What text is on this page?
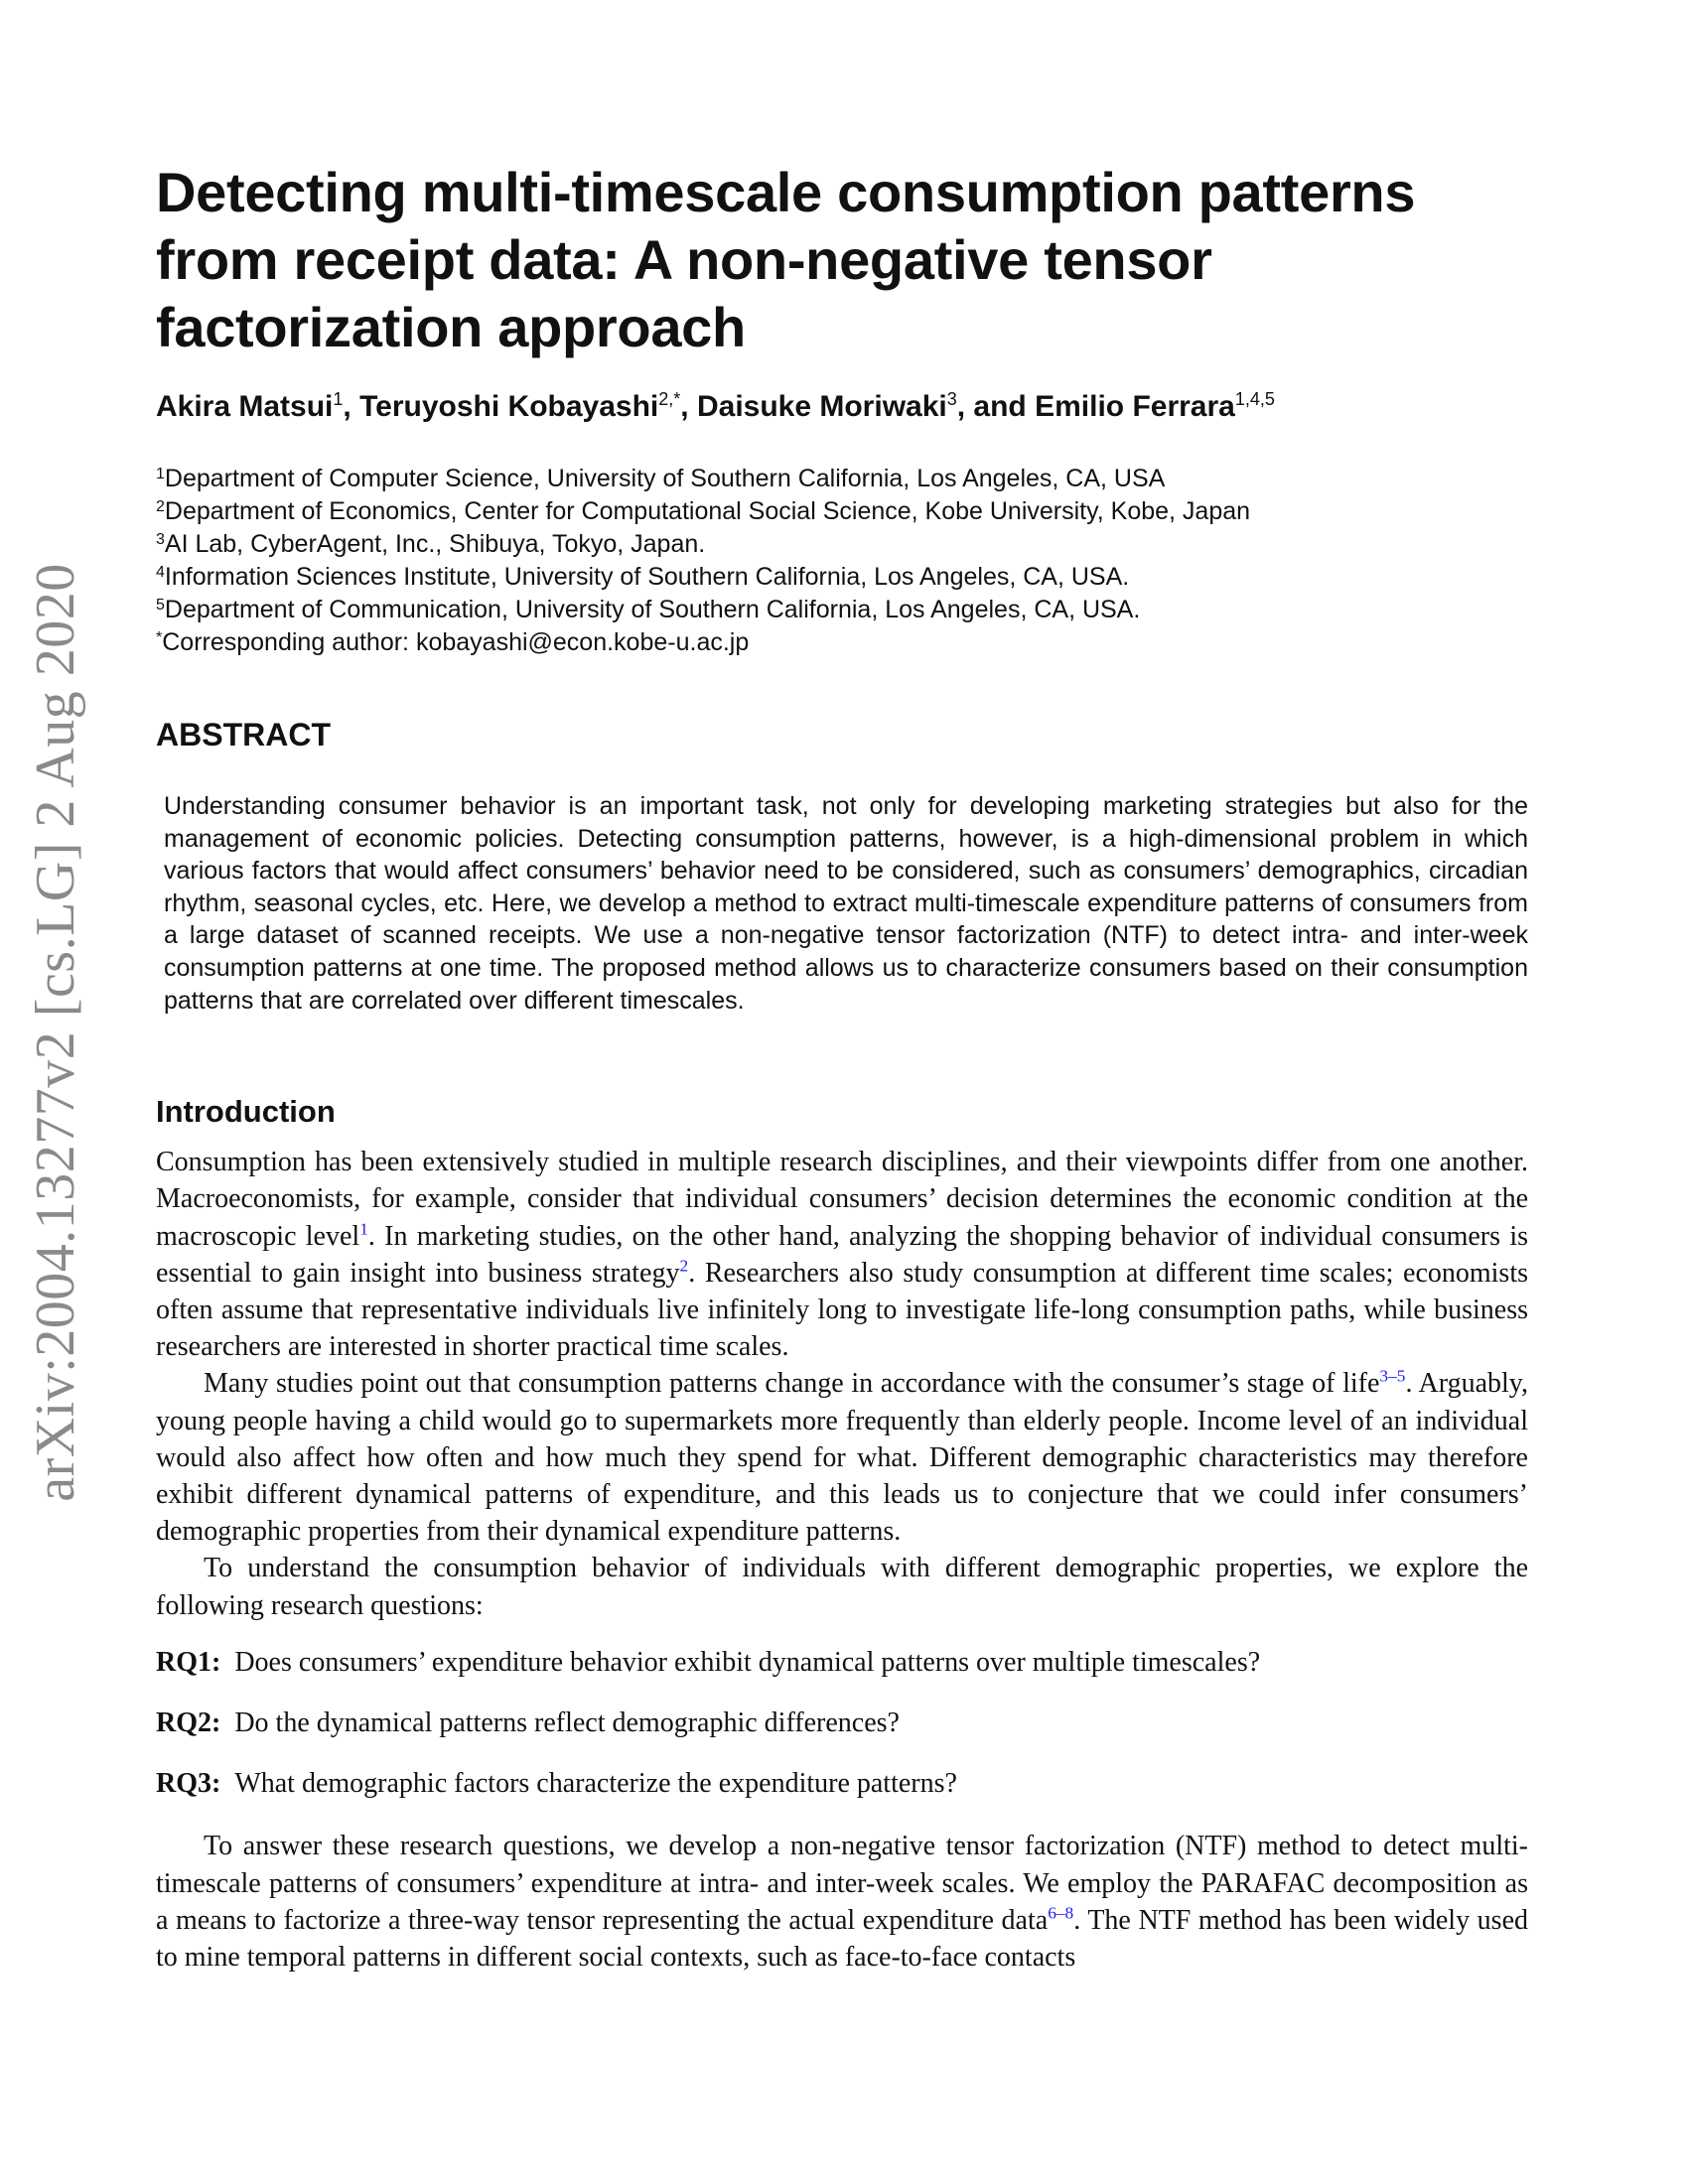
arXiv:2004.13277v2 [cs.LG] 2 Aug 2020
Detecting multi-timescale consumption patterns from receipt data: A non-negative tensor factorization approach
Akira Matsui$^1$, Teruyoshi Kobayashi$^{2,*}$, Daisuke Moriwaki$^3$, and Emilio Ferrara$^{1,4,5}$
$^1$Department of Computer Science, University of Southern California, Los Angeles, CA, USA
$^2$Department of Economics, Center for Computational Social Science, Kobe University, Kobe, Japan
$^3$AI Lab, CyberAgent, Inc., Shibuya, Tokyo, Japan.
$^4$Information Sciences Institute, University of Southern California, Los Angeles, CA, USA.
$^5$Department of Communication, University of Southern California, Los Angeles, CA, USA.
*Corresponding author: kobayashi@econ.kobe-u.ac.jp
ABSTRACT
Understanding consumer behavior is an important task, not only for developing marketing strategies but also for the management of economic policies. Detecting consumption patterns, however, is a high-dimensional problem in which various factors that would affect consumers’ behavior need to be considered, such as consumers’ demographics, circadian rhythm, seasonal cycles, etc. Here, we develop a method to extract multi-timescale expenditure patterns of consumers from a large dataset of scanned receipts. We use a non-negative tensor factorization (NTF) to detect intra- and inter-week consumption patterns at one time. The proposed method allows us to characterize consumers based on their consumption patterns that are correlated over different timescales.
Introduction

Consumption has been extensively studied in multiple research disciplines, and their viewpoints differ from one another. Macroeconomists, for example, consider that individual consumers’ decision determines the economic condition at the macroscopic level$^1$. In marketing studies, on the other hand, analyzing the shopping behavior of individual consumers is essential to gain insight into business strategy$^2$. Researchers also study consumption at different time scales; economists often assume that representative individuals live infinitely long to investigate life-long consumption paths, while business researchers are interested in shorter practical time scales.

Many studies point out that consumption patterns change in accordance with the consumer’s stage of life$^{3-5}$. Arguably, young people having a child would go to supermarkets more frequently than elderly people. Income level of an individual would also affect how often and how much they spend for what. Different demographic characteristics may therefore exhibit different dynamical patterns of expenditure, and this leads us to conjecture that we could infer consumers’ demographic properties from their dynamical expenditure patterns.

To understand the consumption behavior of individuals with different demographic properties, we explore the following research questions:

RQ1: Does consumers’ expenditure behavior exhibit dynamical patterns over multiple timescales?
RQ2: Do the dynamical patterns reflect demographic differences?
RQ3: What demographic factors characterize the expenditure patterns?

To answer these research questions, we develop a non-negative tensor factorization (NTF) method to detect multi-timescale patterns of consumers’ expenditure at intra- and inter-week scales. We employ the PARAFAC decomposition as a means to factorize a three-way tensor representing the actual expenditure data$^{6-8}$. The NTF method has been widely used to mine temporal patterns in different social contexts, such as face-to-face contacts
